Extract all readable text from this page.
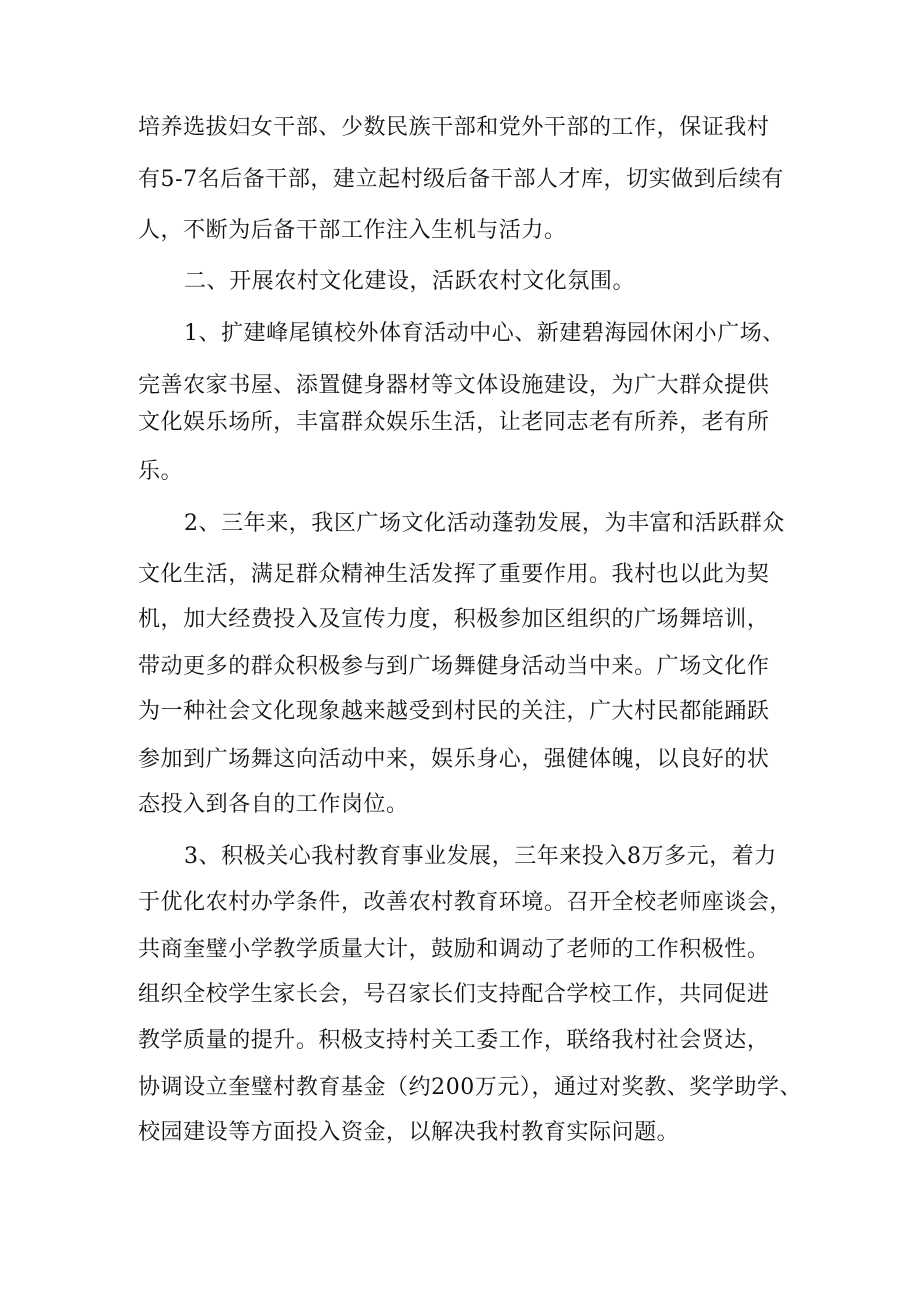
培养选拔妇女干部、少数民族干部和党外干部的工作，保证我村
有5-7名后备干部，建立起村级后备干部人才库，切实做到后续有
人，不断为后备干部工作注入生机与活力。
二、开展农村文化建设，活跃农村文化氛围。
1、扩建峰尾镇校外体育活动中心、新建碧海园休闲小广场、
完善农家书屋、添置健身器材等文体设施建设，为广大群众提供
文化娱乐场所，丰富群众娱乐生活，让老同志老有所养，老有所
乐。
2、三年来，我区广场文化活动蓬勃发展，为丰富和活跃群众
文化生活，满足群众精神生活发挥了重要作用。我村也以此为契
机，加大经费投入及宣传力度，积极参加区组织的广场舞培训，
带动更多的群众积极参与到广场舞健身活动当中来。广场文化作
为一种社会文化现象越来越受到村民的关注，广大村民都能踊跃
参加到广场舞这向活动中来，娱乐身心，强健体魄，以良好的状
态投入到各自的工作岗位。
3、积极关心我村教育事业发展，三年来投入8万多元，着力
于优化农村办学条件，改善农村教育环境。召开全校老师座谈会，
共商奎璧小学教学质量大计，鼓励和调动了老师的工作积极性。
组织全校学生家长会，号召家长们支持配合学校工作，共同促进
教学质量的提升。积极支持村关工委工作，联络我村社会贤达，
协调设立奎璧村教育基金（约200万元），通过对奖教、奖学助学、
校园建设等方面投入资金，以解决我村教育实际问题。
